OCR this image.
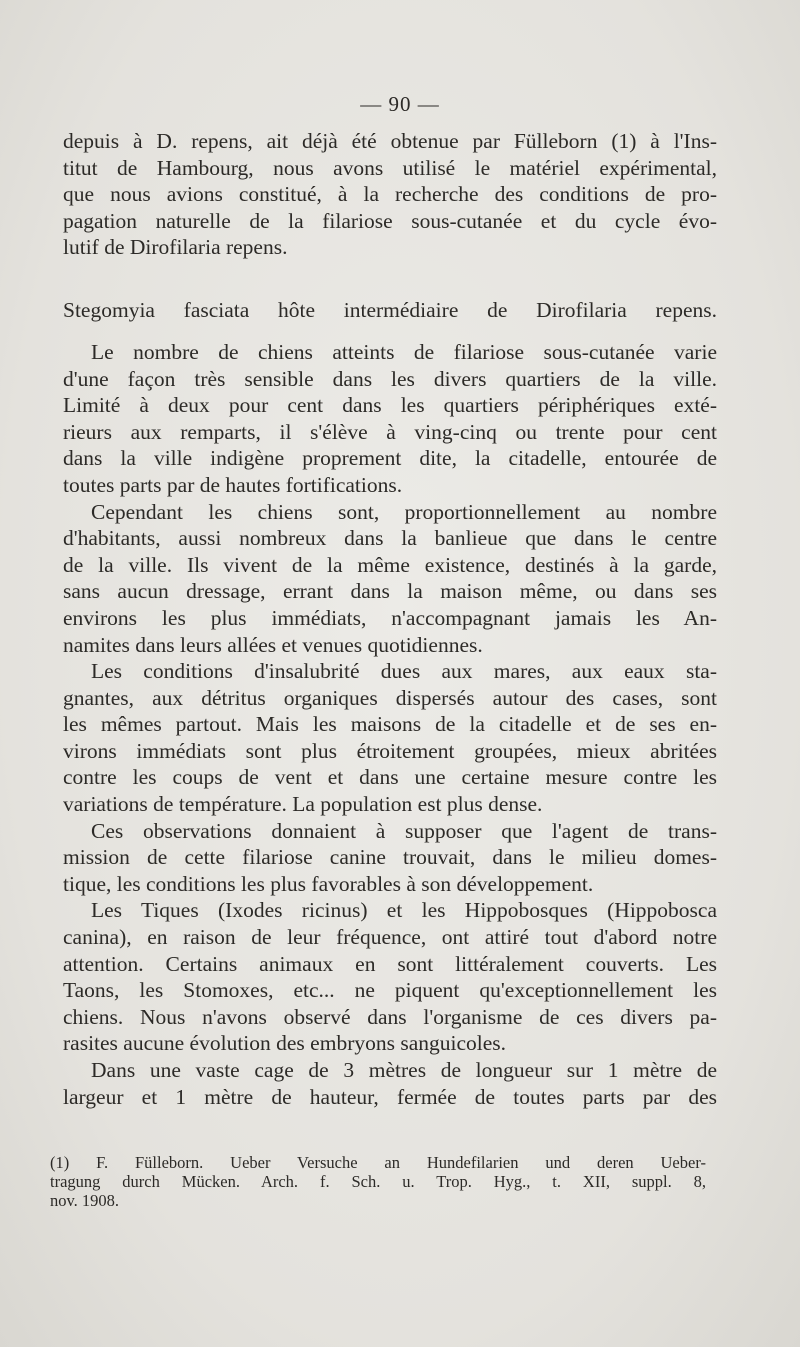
— 90 —
depuis à D. repens, ait déjà été obtenue par Fülleborn (1) à l'Ins-
titut de Hambourg, nous avons utilisé le matériel expérimental,
que nous avions constitué, à la recherche des conditions de pro-
pagation naturelle de la filariose sous-cutanée et du cycle évo-
lutif de Dirofilaria repens.
Stegomyia fasciata hôte intermédiaire de Dirofilaria repens.
Le nombre de chiens atteints de filariose sous-cutanée varie
d'une façon très sensible dans les divers quartiers de la ville.
Limité à deux pour cent dans les quartiers périphériques exté-
rieurs aux remparts, il s'élève à ving-cinq ou trente pour cent
dans la ville indigène proprement dite, la citadelle, entourée de
toutes parts par de hautes fortifications.
Cependant les chiens sont, proportionnellement au nombre
d'habitants, aussi nombreux dans la banlieue que dans le centre
de la ville. Ils vivent de la même existence, destinés à la garde,
sans aucun dressage, errant dans la maison même, ou dans ses
environs les plus immédiats, n'accompagnant jamais les An-
namites dans leurs allées et venues quotidiennes.
Les conditions d'insalubrité dues aux mares, aux eaux sta-
gnantes, aux détritus organiques dispersés autour des cases, sont
les mêmes partout. Mais les maisons de la citadelle et de ses en-
virons immédiats sont plus étroitement groupées, mieux abritées
contre les coups de vent et dans une certaine mesure contre les
variations de température. La population est plus dense.
Ces observations donnaient à supposer que l'agent de trans-
mission de cette filariose canine trouvait, dans le milieu domes-
tique, les conditions les plus favorables à son développement.
Les Tiques (Ixodes ricinus) et les Hippobosques (Hippobosca
canina), en raison de leur fréquence, ont attiré tout d'abord notre
attention. Certains animaux en sont littéralement couverts. Les
Taons, les Stomoxes, etc... ne piquent qu'exceptionnellement les
chiens. Nous n'avons observé dans l'organisme de ces divers pa-
rasites aucune évolution des embryons sanguicoles.
Dans une vaste cage de 3 mètres de longueur sur 1 mètre de
largeur et 1 mètre de hauteur, fermée de toutes parts par des
(1) F. Fülleborn. Ueber Versuche an Hundefilarien und deren Ueber-
tragung durch Mücken. Arch. f. Sch. u. Trop. Hyg., t. XII, suppl. 8,
nov. 1908.
